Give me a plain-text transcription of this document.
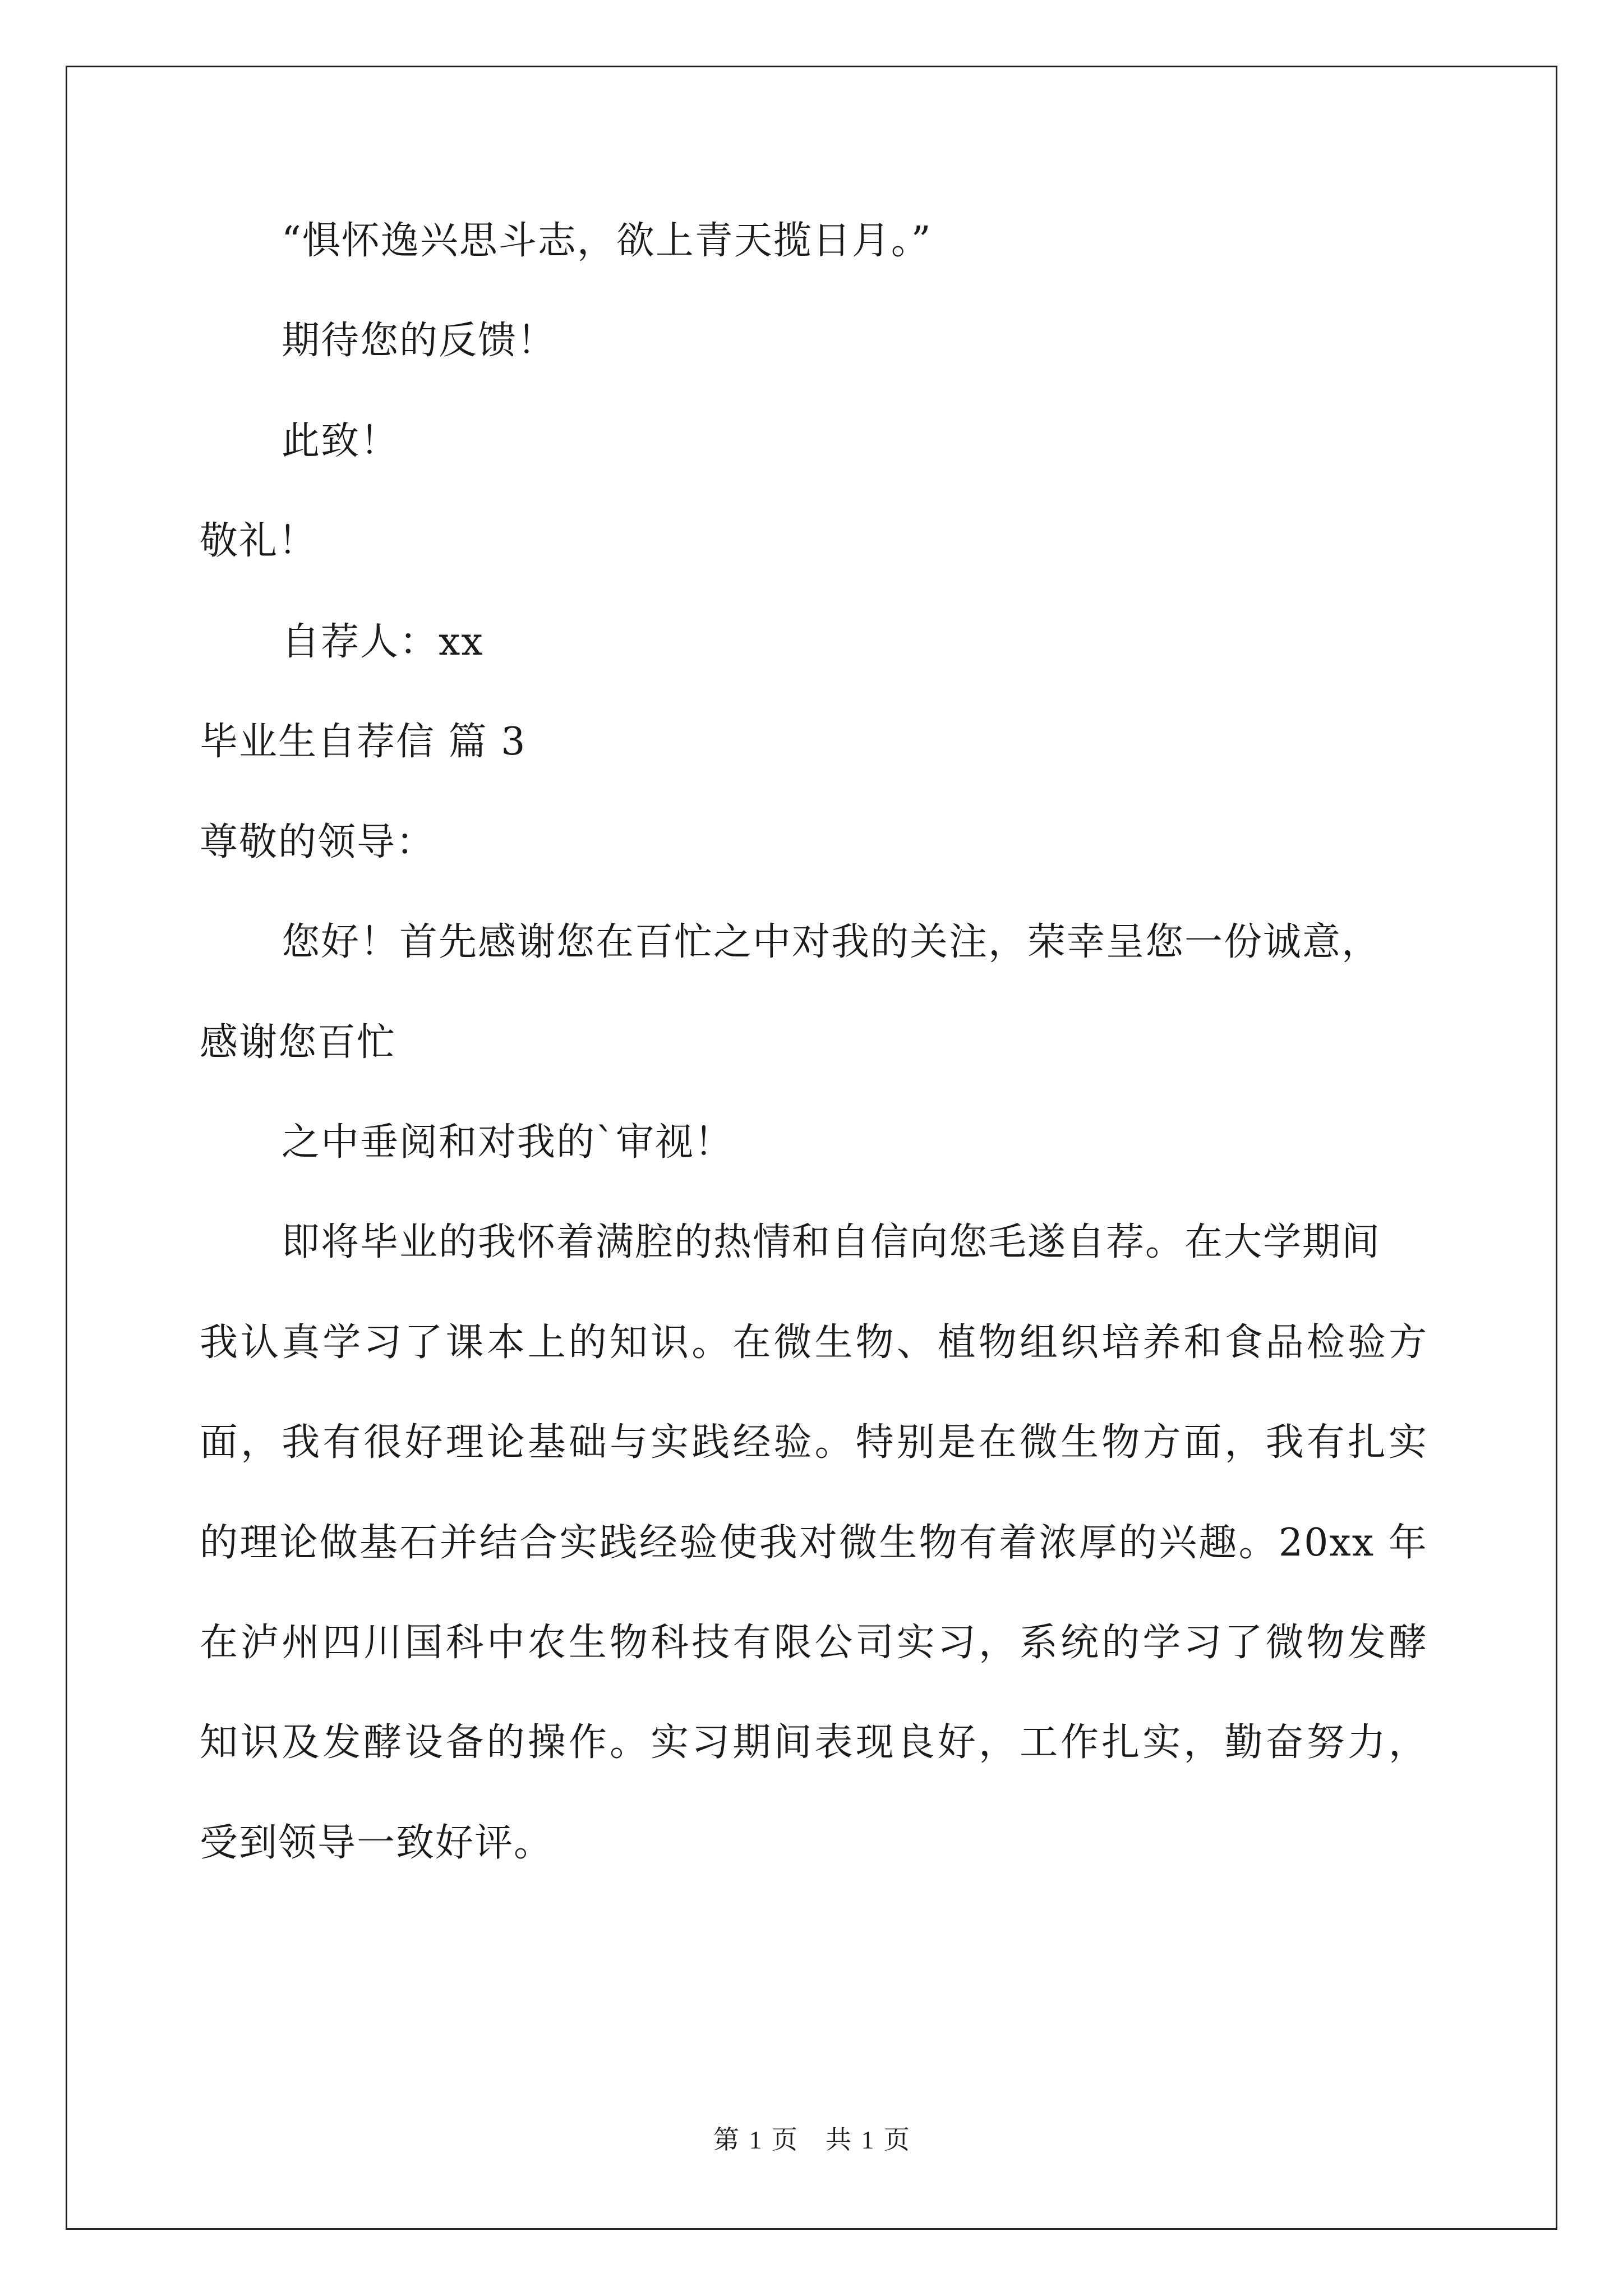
“惧怀逸兴思斗志，欲上青天揽日月。”
期待您的反馈！
此致！
敬礼！
自荐人：xx
毕业生自荐信 篇 3
尊敬的领导：
您好！首先感谢您在百忙之中对我的关注，荣幸呈您一份诚意，
感谢您百忙
之中垂阅和对我的`审视！
即将毕业的我怀着满腔的热情和自信向您毛遂自荐。在大学期间
我认真学习了课本上的知识。在微生物、植物组织培养和食品检验方
面，我有很好理论基础与实践经验。特别是在微生物方面，我有扎实
的理论做基石并结合实践经验使我对微生物有着浓厚的兴趣。20xx 年
在泸州四川国科中农生物科技有限公司实习，系统的学习了微物发酵
知识及发酵设备的操作。实习期间表现良好，工作扎实，勤奋努力，
受到领导一致好评。
第 1 页 共 1 页
